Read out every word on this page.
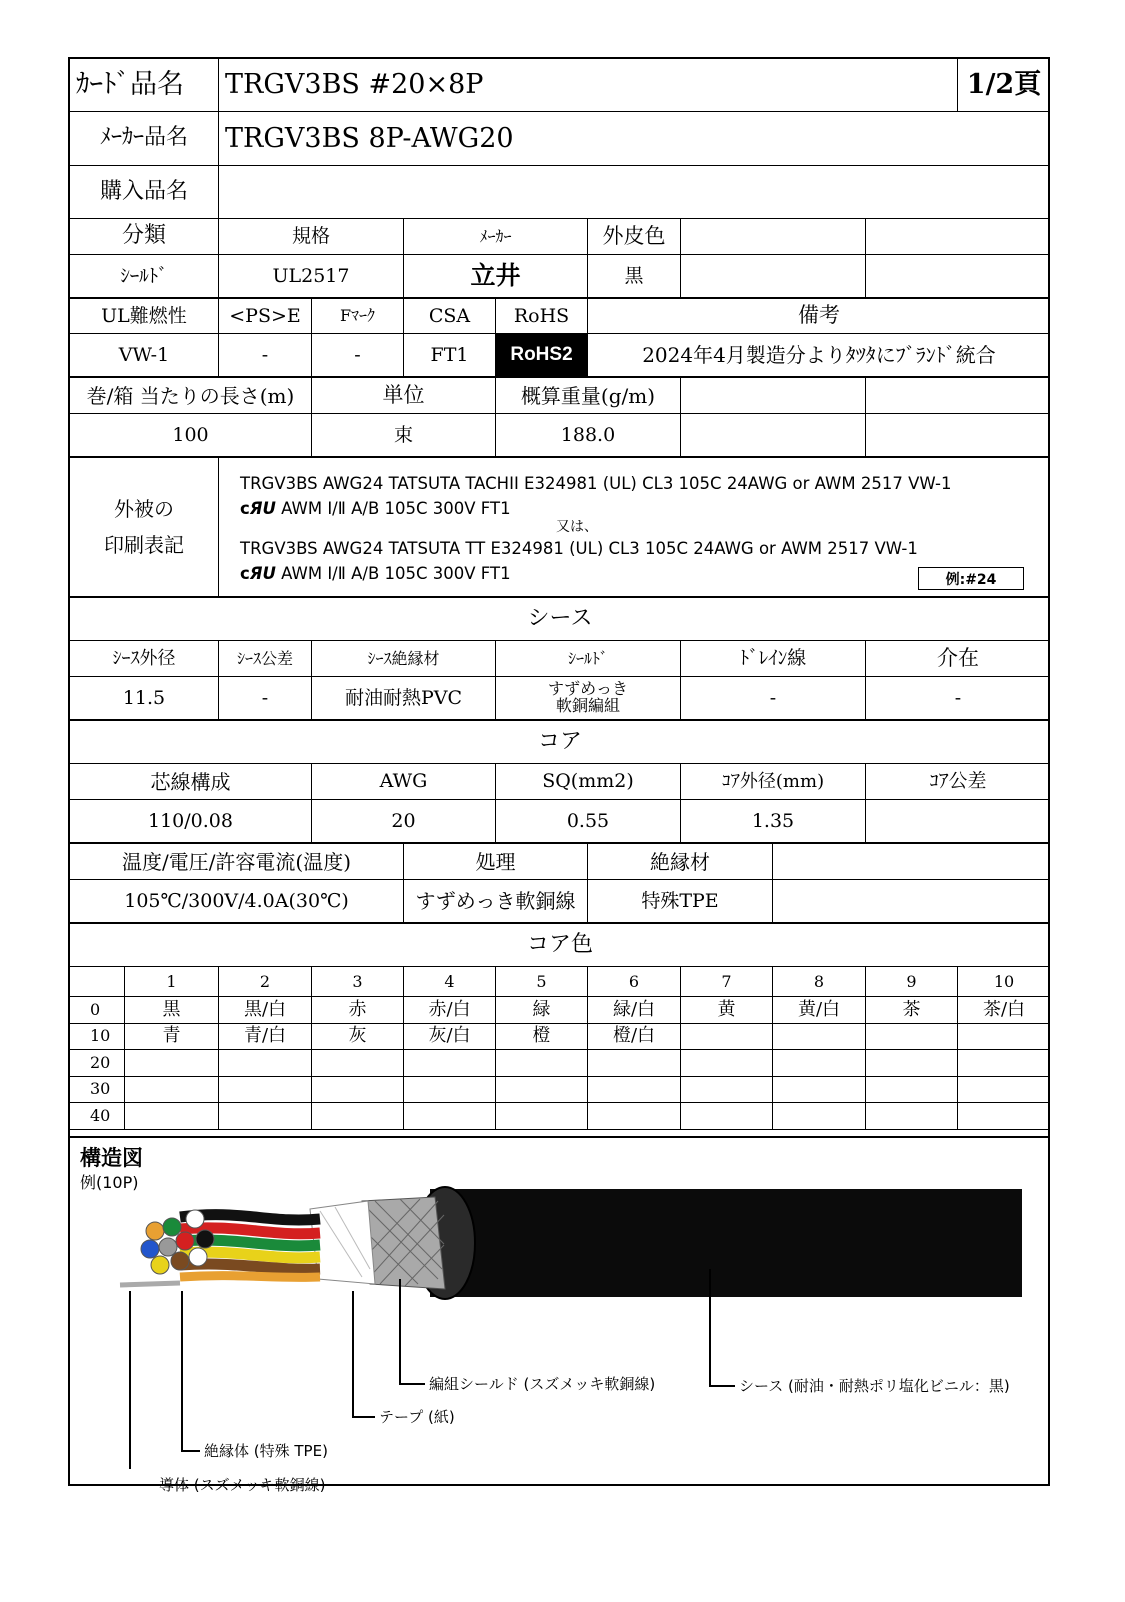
ｶｰﾄﾞ品名	TRGV3BS #20×8P	1/2頁
ﾒｰｶｰ品名	TRGV3BS 8P-AWG20
購入品名
分類	規格	ﾒｰｶｰ	外皮色
ｼｰﾙﾄﾞ	UL2517	立井	黒
UL難燃性	<PS>E	Fﾏｰｸ	CSA	RoHS	備考
VW-1	-	-	FT1	RoHS2	2024年4月製造分よりﾀﾂﾀにﾌﾞﾗﾝﾄﾞ統合
巻/箱 当たりの長さ(m)	単位	概算重量(g/m)
100	束	188.0
外被の
印刷表記
TRGV3BS AWG24 TATSUTA TACHII E324981 (UL) CL3 105C 24AWG or AWM 2517 VW-1
cЯU AWM Ⅰ/Ⅱ A/B 105C 300V FT1
又は、
TRGV3BS AWG24 TATSUTA TT E324981 (UL) CL3 105C 24AWG or AWM 2517 VW-1
cЯU AWM Ⅰ/Ⅱ A/B 105C 300V FT1	例:#24
シース
ｼｰｽ外径	ｼｰｽ公差	ｼｰｽ絶縁材	ｼｰﾙﾄﾞ	ﾄﾞﾚｲﾝ線	介在
11.5	-	耐油耐熱PVC	すずめっき
軟銅編組	-	-
コア
芯線構成	AWG	SQ(mm2)	ｺｱ外径(mm)	ｺｱ公差
110/0.08	20	0.55	1.35
温度/電圧/許容電流(温度)	処理	絶縁材
105℃/300V/4.0A(30℃)	すずめっき軟銅線	特殊TPE
コア色
1	2	3	4	5	6	7	8	9	10
0	黒	黒/白	赤	赤/白	緑	緑/白	黄	黄/白	茶	茶/白
10	青	青/白	灰	灰/白	橙	橙/白
20
30
40
構造図
例(10P)
編組シールド (スズメッキ軟銅線)	シース (耐油・耐熱ポリ塩化ビニル：黒)
テープ (紙)
絶縁体 (特殊 TPE)
導体 (スズメッキ軟銅線)
